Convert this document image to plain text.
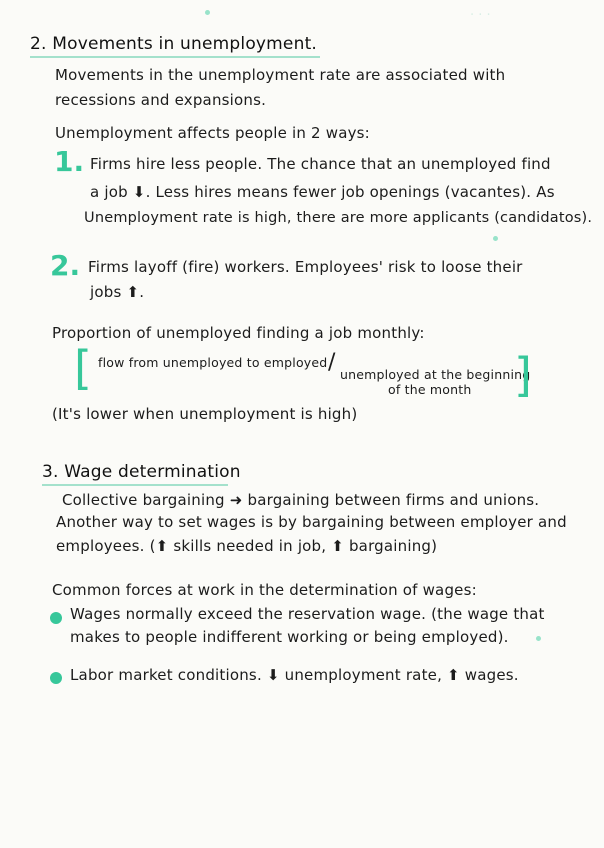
· · ·
2. Movements in unemployment.
Movements in the unemployment rate are associated with
recessions and expansions.
Unemployment affects people in 2 ways:
1. Firms hire less people. The chance that an unemployed find
a job ⬇. Less hires means fewer job openings (vacantes). As
Unemployment rate is high, there are more applicants (candidatos).
2. Firms layoff (fire) workers. Employees' risk to loose their
jobs ⬆.
Proportion of unemployed finding a job monthly:
[ flow from unemployed to employed / unemployed at the beginning
of the month ]
(It's lower when unemployment is high)
3. Wage determination
Collective bargaining ➜ bargaining between firms and unions.
Another way to set wages is by bargaining between employer and
employees. (⬆ skills needed in job, ⬆ bargaining)
Common forces at work in the determination of wages:
Wages normally exceed the reservation wage. (the wage that
makes to people indifferent working or being employed).
Labor market conditions. ⬇ unemployment rate, ⬆ wages.
